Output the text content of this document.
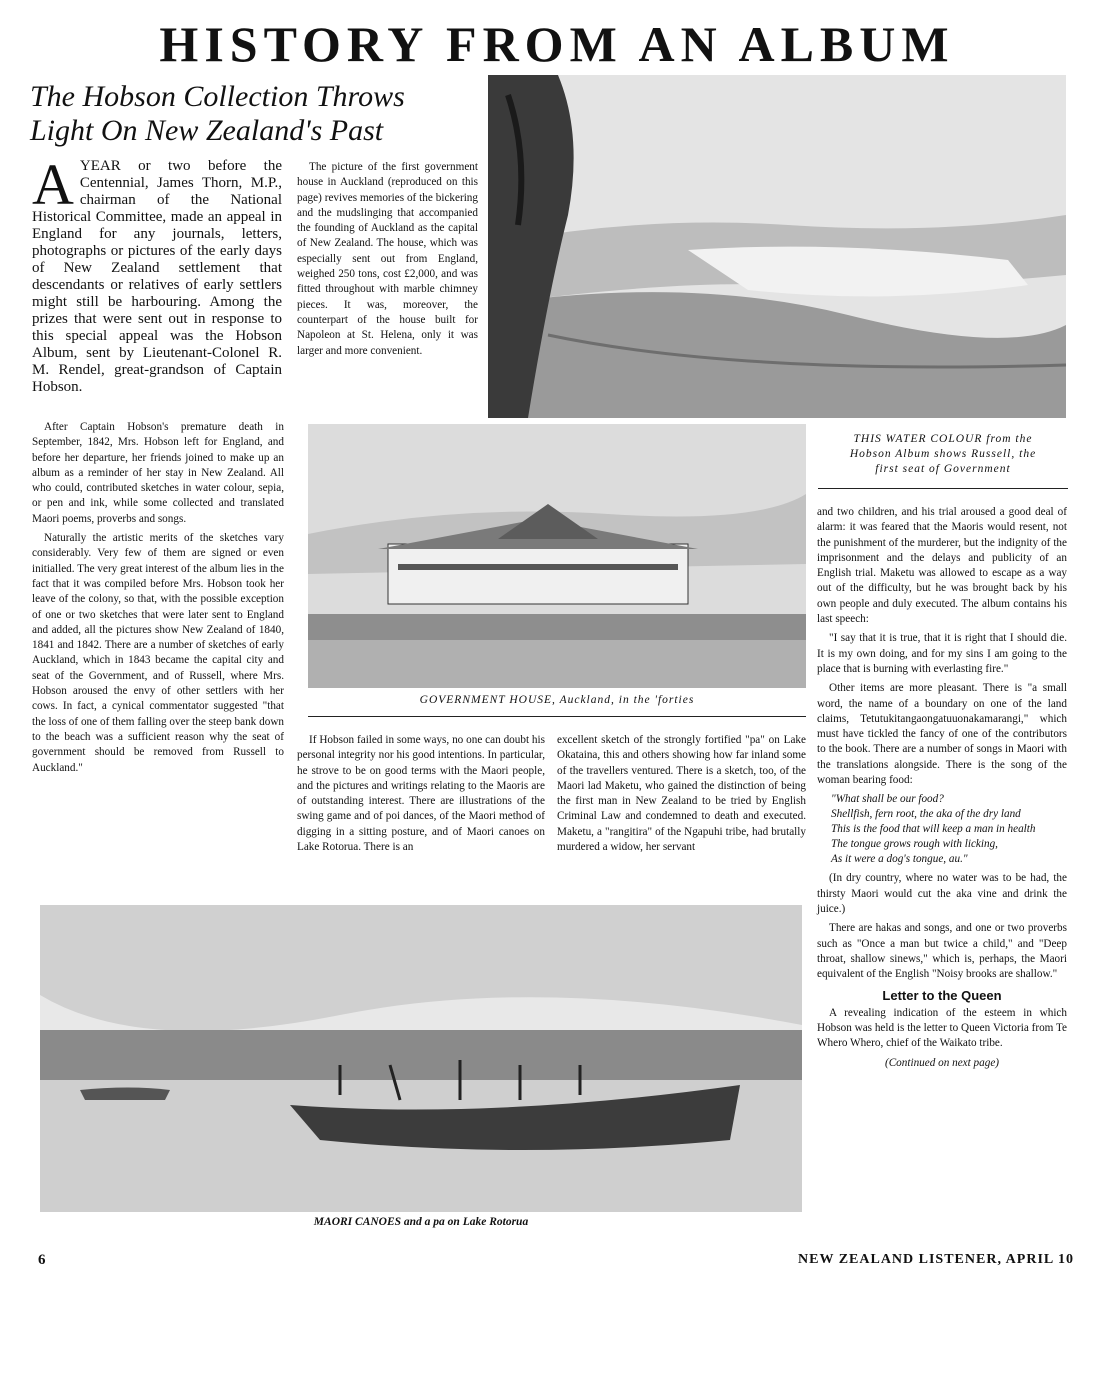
HISTORY FROM AN ALBUM
The Hobson Collection Throws
Light On New Zealand's Past
THIS WATER COLOUR from the
Hobson Album shows Russell, the
first seat of Government
AYEAR or two before the Centennial, James Thorn, M.P., chairman of the National Historical Committee, made an appeal in England for any journals, letters, photographs or pictures of the early days of New Zealand settlement that descendants or relatives of early settlers might still be harbouring. Among the prizes that were sent out in response to this special appeal was the Hobson Album, sent by Lieutenant-Colonel R. M. Rendel, great-grandson of Captain Hobson.

After Captain Hobson's premature death in September, 1842, Mrs. Hobson left for England, and before her departure, her friends joined to make up an album as a reminder of her stay in New Zealand. All who could, contributed sketches in water colour, sepia, or pen and ink, while some collected and translated Maori poems, proverbs and songs.

Naturally the artistic merits of the sketches vary considerably. Very few of them are signed or even initialled. The very great interest of the album lies in the fact that it was compiled before Mrs. Hobson took her leave of the colony, so that, with the possible exception of one or two sketches that were later sent to England and added, all the pictures show New Zealand of 1840, 1841 and 1842. There are a number of sketches of early Auckland, which in 1843 became the capital city and seat of the Government, and of Russell, where Mrs. Hobson aroused the envy of other settlers with her cows. In fact, a cynical commentator suggested "that the loss of one of them falling over the steep bank down to the beach was a sufficient reason why the seat of government should be removed from Russell to Auckland."

The picture of the first government house in Auckland (reproduced on this page) revives memories of the bickering and the mudslinging that accompanied the founding of Auckland as the capital of New Zealand. The house, which was especially sent out from England, weighed 250 tons, cost £2,000, and was fitted throughout with marble chimney pieces. It was, moreover, the counterpart of the house built for Napoleon at St. Helena, only it was larger and more convenient.

GOVERNMENT HOUSE, Auckland, in the 'forties

If Hobson failed in some ways, no one can doubt his personal integrity nor his good intentions. In particular, he strove to be on good terms with the Maori people, and the pictures and writings relating to the Maoris are of outstanding interest. There are illustrations of the swing game and of poi dances, of the Maori method of digging in a sitting posture, and of Maori canoes on Lake Rotorua. There is an

excellent sketch of the strongly fortified "pa" on Lake Okataina, this and others showing how far inland some of the travellers ventured. There is a sketch, too, of the Maori lad Maketu, who gained the distinction of being the first man in New Zealand to be tried by English Criminal Law and condemned to death and executed. Maketu, a "rangitira" of the Ngapuhi tribe, had brutally murdered a widow, her servant

and two children, and his trial aroused a good deal of alarm: it was feared that the Maoris would resent, not the punishment of the murderer, but the indignity of the imprisonment and the delays and publicity of an English trial. Maketu was allowed to escape as a way out of the difficulty, but he was brought back by his own people and duly executed. The album contains his last speech:

"I say that it is true, that it is right that I should die. It is my own doing, and for my sins I am going to the place that is burning with everlasting fire."

Other items are more pleasant. There is "a small word, the name of a boundary on one of the land claims, Tetutukitangaongatuuonakamarangi," which must have tickled the fancy of one of the contributors to the book. There are a number of songs in Maori with the translations alongside. There is the song of the woman bearing food:

"What shall be our food?
Shellfish, fern root, the aka of the dry land
This is the food that will keep a man in health
The tongue grows rough with licking,
As it were a dog's tongue, au."

(In dry country, where no water was to be had, the thirsty Maori would cut the aka vine and drink the juice.)

There are hakas and songs, and one or two proverbs such as "Once a man but twice a child," and "Deep throat, shallow sinews," which is, perhaps, the Maori equivalent of the English "Noisy brooks are shallow."

Letter to the Queen

A revealing indication of the esteem in which Hobson was held is the letter to Queen Victoria from Te Whero Whero, chief of the Waikato tribe.

(Continued on next page)
MAORI CANOES and a pa on Lake Rotorua
6	NEW ZEALAND LISTENER, APRIL 10
